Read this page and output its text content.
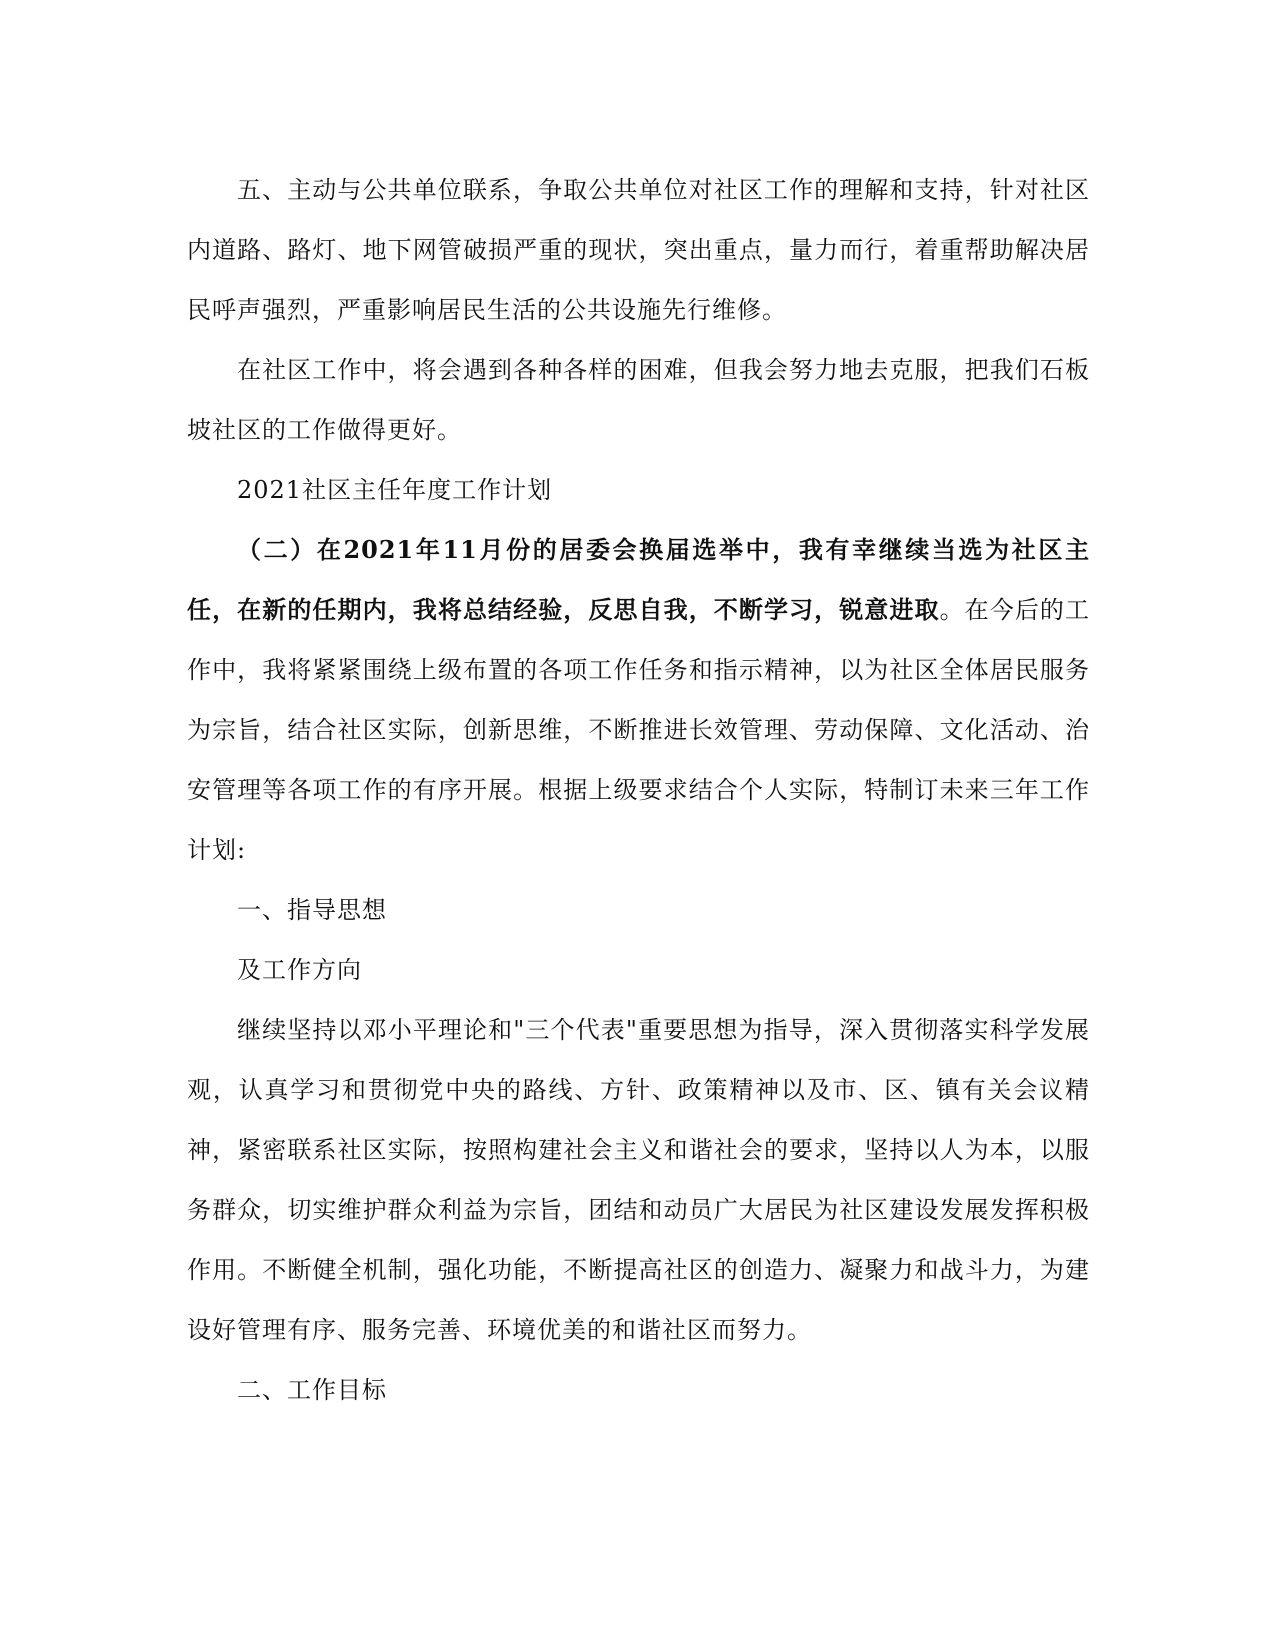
五、主动与公共单位联系，争取公共单位对社区工作的理解和支持，针对社区内道路、路灯、地下网管破损严重的现状，突出重点，量力而行，着重帮助解决居民呼声强烈，严重影响居民生活的公共设施先行维修。

在社区工作中，将会遇到各种各样的困难，但我会努力地去克服，把我们石板坡社区的工作做得更好。

2021社区主任年度工作计划

（二）在2021年11月份的居委会换届选举中，我有幸继续当选为社区主任，在新的任期内，我将总结经验，反思自我，不断学习，锐意进取。在今后的工作中，我将紧紧围绕上级布置的各项工作任务和指示精神，以为社区全体居民服务为宗旨，结合社区实际，创新思维，不断推进长效管理、劳动保障、文化活动、治安管理等各项工作的有序开展。根据上级要求结合个人实际，特制订未来三年工作计划:

一、指导思想

及工作方向

继续坚持以邓小平理论和"三个代表"重要思想为指导，深入贯彻落实科学发展观，认真学习和贯彻党中央的路线、方针、政策精神以及市、区、镇有关会议精神，紧密联系社区实际，按照构建社会主义和谐社会的要求，坚持以人为本，以服务群众，切实维护群众利益为宗旨，团结和动员广大居民为社区建设发展发挥积极作用。不断健全机制，强化功能，不断提高社区的创造力、凝聚力和战斗力，为建设好管理有序、服务完善、环境优美的和谐社区而努力。

二、工作目标
